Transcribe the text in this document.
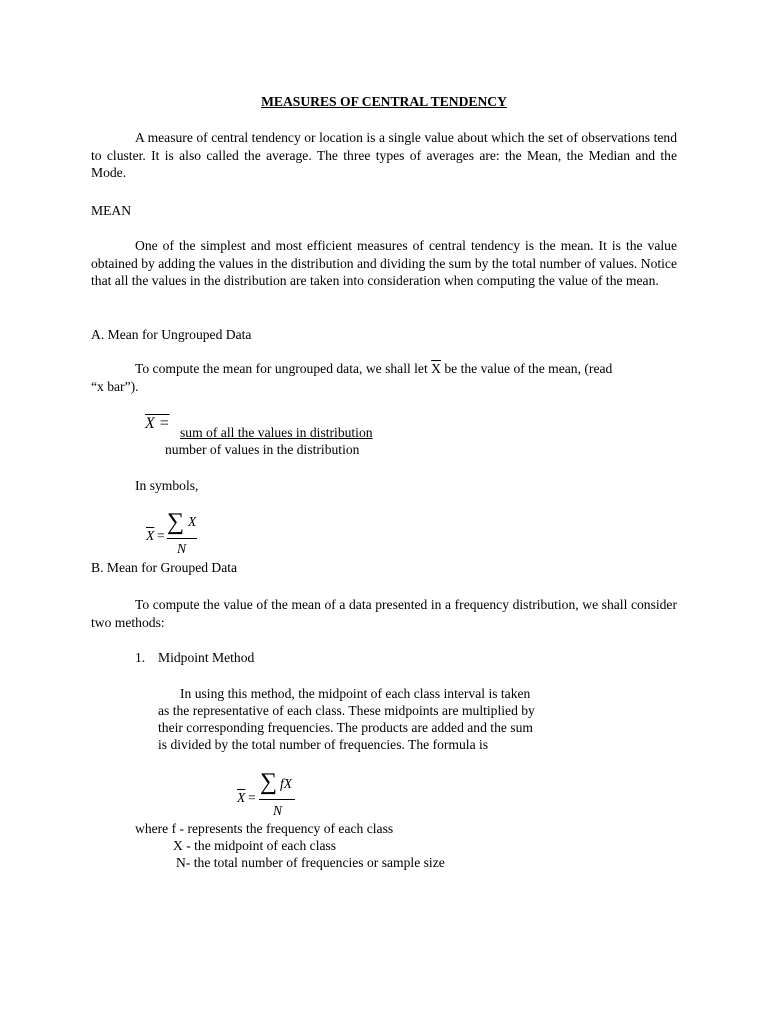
MEASURES OF CENTRAL TENDENCY
A measure of central tendency or location is a single value about which the set of observations tend to cluster. It is also called the average. The three types of averages are: the Mean, the Median and the Mode.
MEAN
One of the simplest and most efficient measures of central tendency is the mean. It is the value obtained by adding the values in the distribution and dividing the sum by the total number of values. Notice that all the values in the distribution are taken into consideration when computing the value of the mean.
A. Mean for Ungrouped Data
To compute the mean for ungrouped data, we shall let $\overline{X}$ be the value of the mean, (read
“x bar”).
X =
sum of all the values in distribution
number of values in the distribution
In symbols,
$\overline{X}$ =
∑ X
N
B. Mean for Grouped Data
To compute the value of the mean of a data presented in a frequency distribution, we shall consider two methods:
1. Midpoint Method
In using this method, the midpoint of each class interval is taken
as the representative of each class. These midpoints are multiplied by
their corresponding frequencies. The products are added and the sum
is divided by the total number of frequencies. The formula is
$\overline{X}$ =
∑ fX
N
where f - represents the frequency of each class
X - the midpoint of each class
N- the total number of frequencies or sample size
